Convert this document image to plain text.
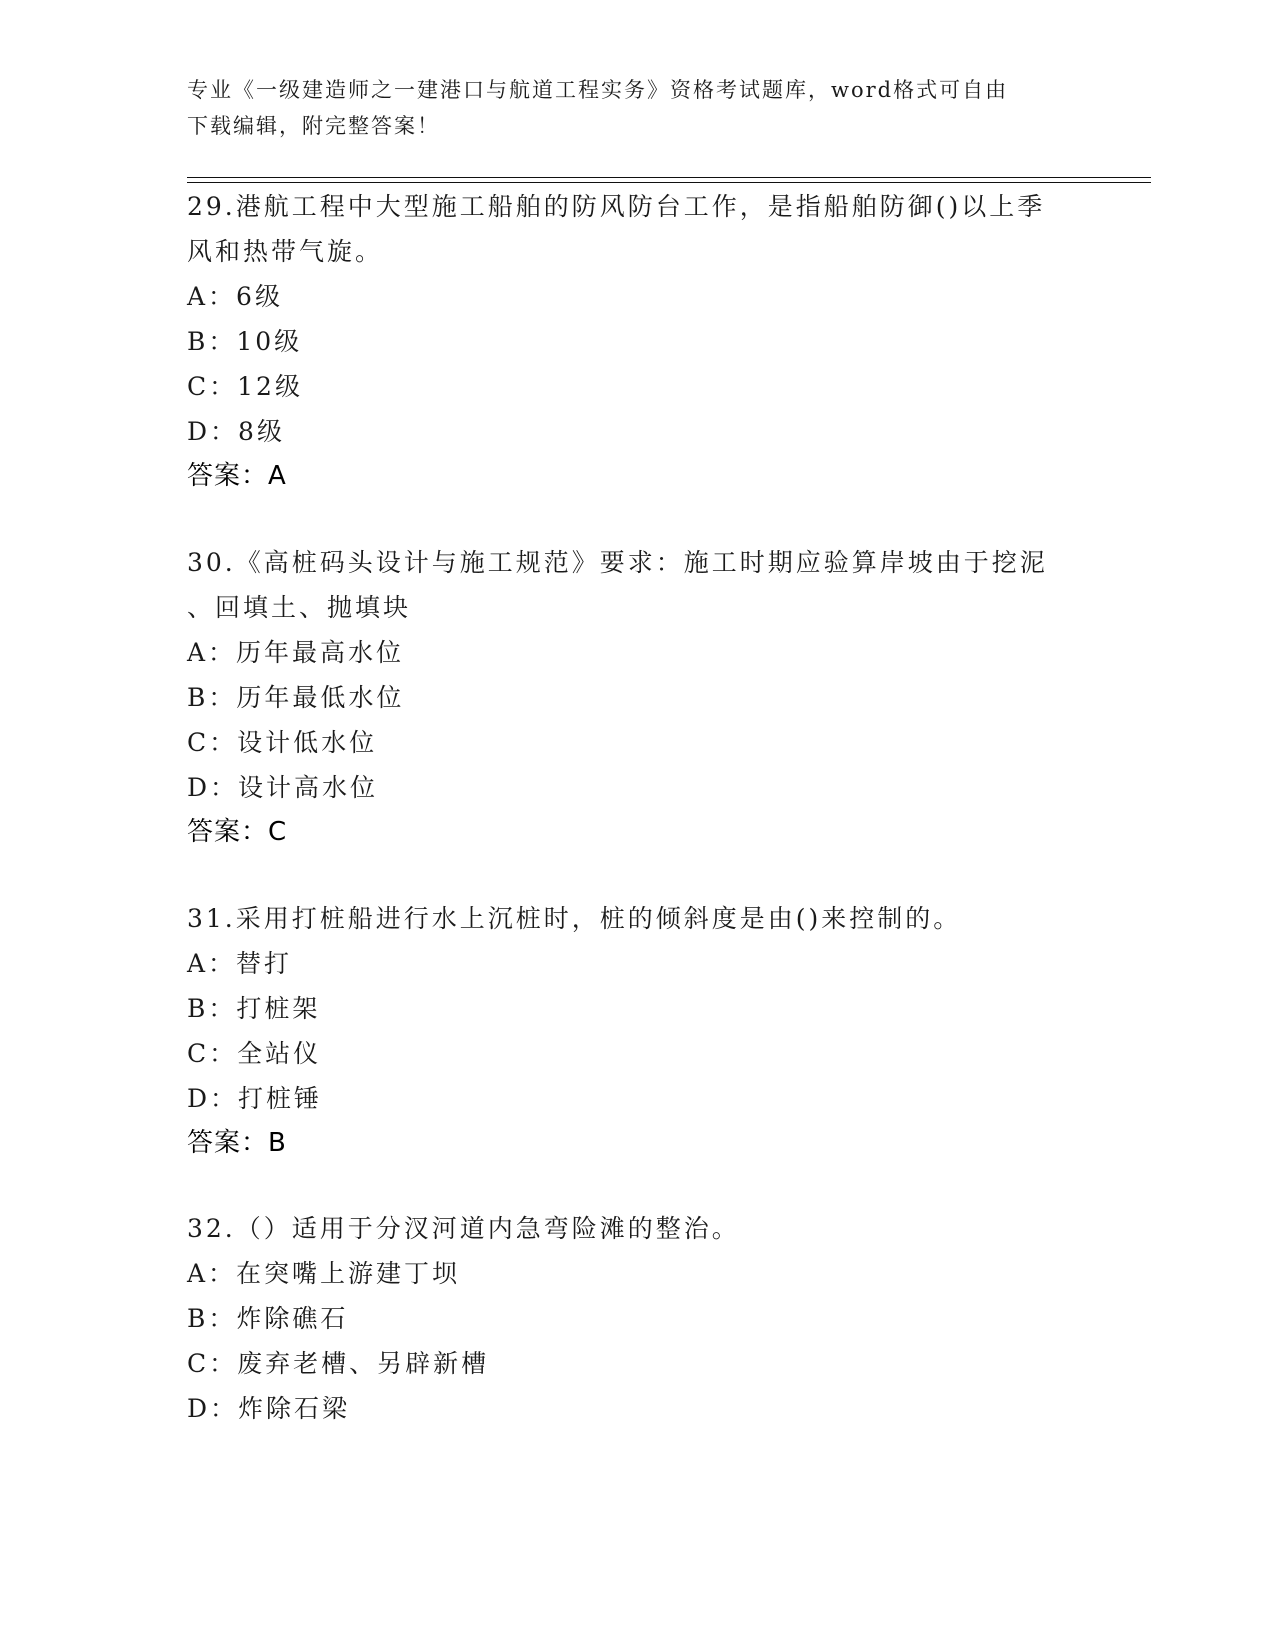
专业《一级建造师之一建港口与航道工程实务》资格考试题库，word格式可自由
下载编辑，附完整答案！
29.港航工程中大型施工船舶的防风防台工作，是指船舶防御()以上季
风和热带气旋。
A：6级
B：10级
C：12级
D：8级
答案：A
30.《高桩码头设计与施工规范》要求：施工时期应验算岸坡由于挖泥
、回填土、抛填块
A：历年最高水位
B：历年最低水位
C：设计低水位
D：设计高水位
答案：C
31.采用打桩船进行水上沉桩时，桩的倾斜度是由()来控制的。
A：替打
B：打桩架
C：全站仪
D：打桩锤
答案：B
32.（）适用于分汊河道内急弯险滩的整治。
A：在突嘴上游建丁坝
B：炸除礁石
C：废弃老槽、另辟新槽
D：炸除石梁
